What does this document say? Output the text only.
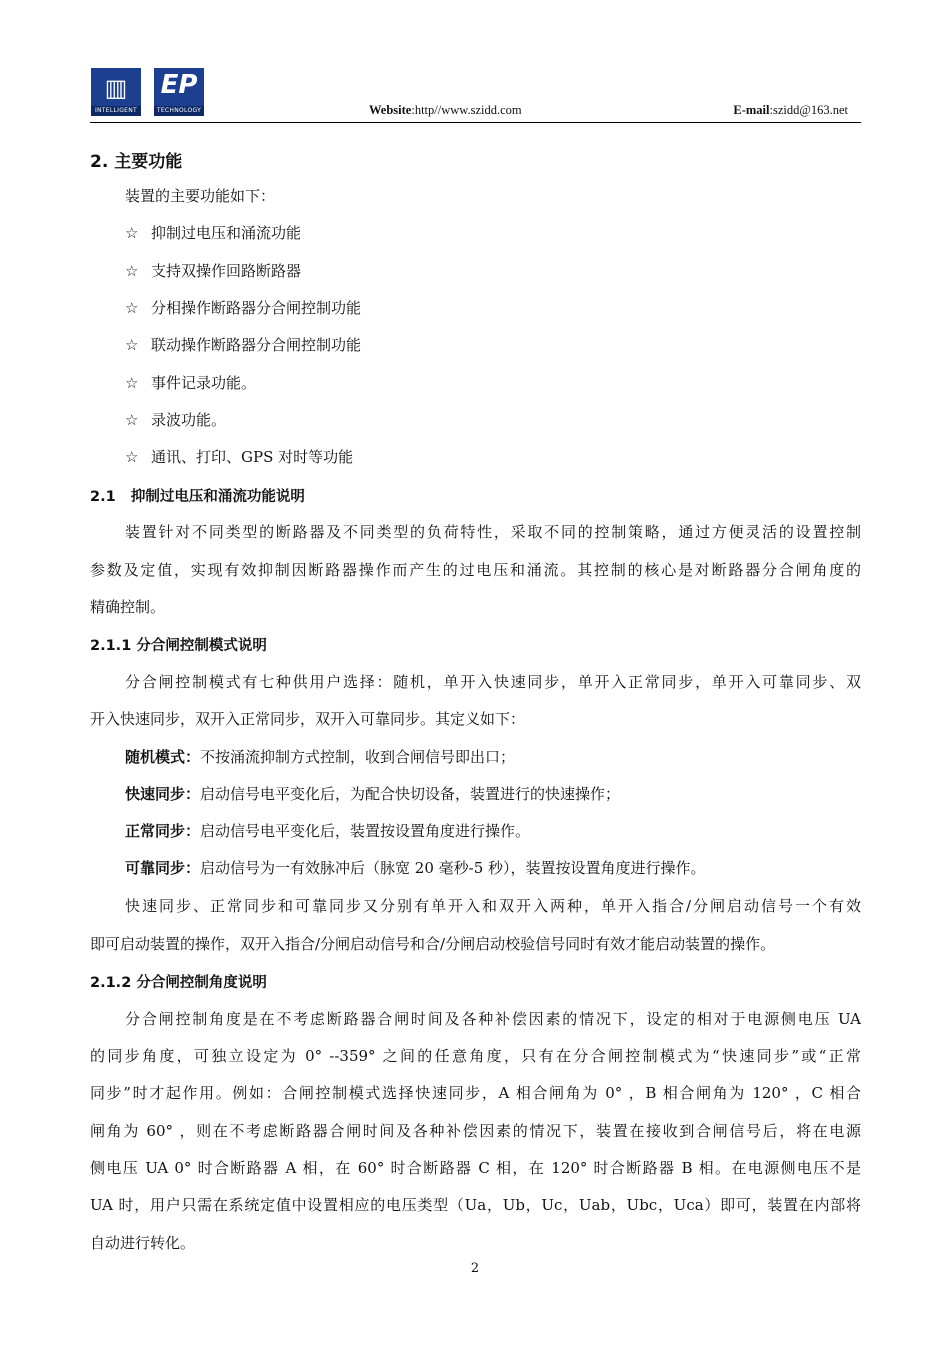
▥
INTELLIGENT
EP
TECHNOLOGY	Website:http//www.szidd.com	E-mail:szidd@163.net
2. 主要功能
装置的主要功能如下：
☆ 抑制过电压和涌流功能
☆ 支持双操作回路断路器
☆ 分相操作断路器分合闸控制功能
☆ 联动操作断路器分合闸控制功能
☆ 事件记录功能。
☆ 录波功能。
☆ 通讯、打印、GPS 对时等功能
2.1   抑制过电压和涌流功能说明
装置针对不同类型的断路器及不同类型的负荷特性，采取不同的控制策略，通过方便灵活的设置控制
参数及定值，实现有效抑制因断路器操作而产生的过电压和涌流。其控制的核心是对断路器分合闸角度的
精确控制。
2.1.1 分合闸控制模式说明
分合闸控制模式有七种供用户选择：随机，单开入快速同步，单开入正常同步，单开入可靠同步、双
开入快速同步，双开入正常同步，双开入可靠同步。其定义如下：
随机模式：不按涌流抑制方式控制，收到合闸信号即出口；
快速同步：启动信号电平变化后，为配合快切设备，装置进行的快速操作；
正常同步：启动信号电平变化后，装置按设置角度进行操作。
可靠同步：启动信号为一有效脉冲后（脉宽 20 毫秒-5 秒），装置按设置角度进行操作。
快速同步、正常同步和可靠同步又分别有单开入和双开入两种，单开入指合/分闸启动信号一个有效
即可启动装置的操作，双开入指合/分闸启动信号和合/分闸启动校验信号同时有效才能启动装置的操作。
2.1.2 分合闸控制角度说明
分合闸控制角度是在不考虑断路器合闸时间及各种补偿因素的情况下，设定的相对于电源侧电压 UA
的同步角度，可独立设定为 0° --359° 之间的任意角度，只有在分合闸控制模式为“快速同步”或“正常
同步”时才起作用。例如：合闸控制模式选择快速同步，A 相合闸角为 0° ，B 相合闸角为 120° ，C 相合
闸角为 60° ，则在不考虑断路器合闸时间及各种补偿因素的情况下，装置在接收到合闸信号后，将在电源
侧电压 UA 0° 时合断路器 A 相，在 60° 时合断路器 C 相，在 120° 时合断路器 B 相。在电源侧电压不是
UA 时，用户只需在系统定值中设置相应的电压类型（Ua，Ub，Uc，Uab，Ubc，Uca）即可，装置在内部将
自动进行转化。
2
